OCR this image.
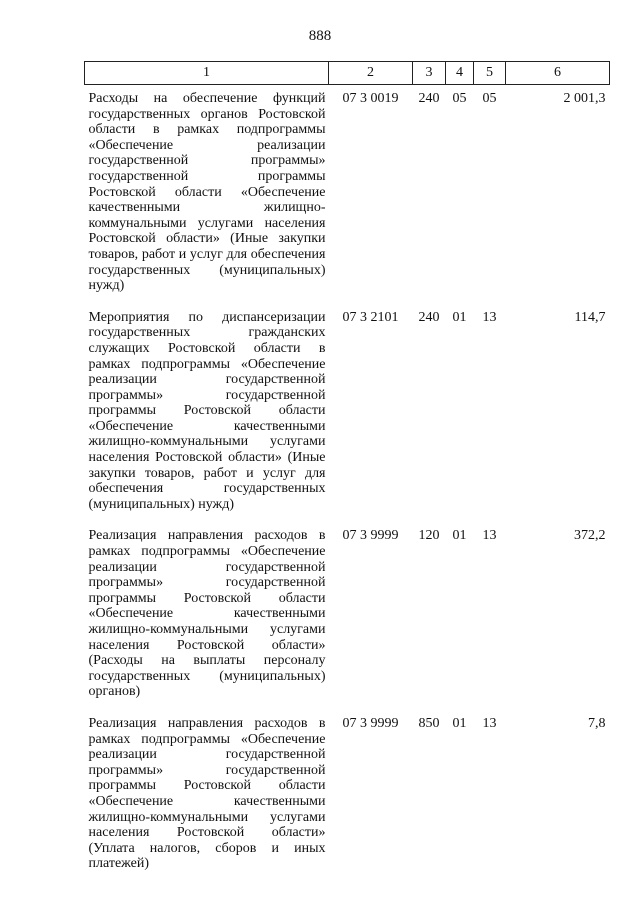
888
1	2	3	4	5	6
Расходы на обеспечение функций государственных органов Ростовской области в рамках подпрограммы «Обеспечение реализации государственной программы» государственной программы Ростовской области «Обеспечение качественными жилищно-коммунальными услугами населения Ростовской области» (Иные закупки товаров, работ и услуг для обеспечения государственных (муниципальных) нужд)	07 3 0019	240	05	05	2 001,3
Мероприятия по диспансеризации государственных гражданских служащих Ростовской области в рамках подпрограммы «Обеспечение реализации государственной программы» государственной программы Ростовской области «Обеспечение качественными жилищно-коммунальными услугами населения Ростовской области» (Иные закупки товаров, работ и услуг для обеспечения государственных (муниципальных) нужд)	07 3 2101	240	01	13	114,7
Реализация направления расходов в рамках подпрограммы «Обеспечение реализации государственной программы» государственной программы Ростовской области «Обеспечение качественными жилищно-коммунальными услугами населения Ростовской области» (Расходы на выплаты персоналу государственных (муниципальных) органов)	07 3 9999	120	01	13	372,2
Реализация направления расходов в рамках подпрограммы «Обеспечение реализации государственной программы» государственной программы Ростовской области «Обеспечение качественными жилищно-коммунальными услугами населения Ростовской области» (Уплата налогов, сборов и иных платежей)	07 3 9999	850	01	13	7,8
